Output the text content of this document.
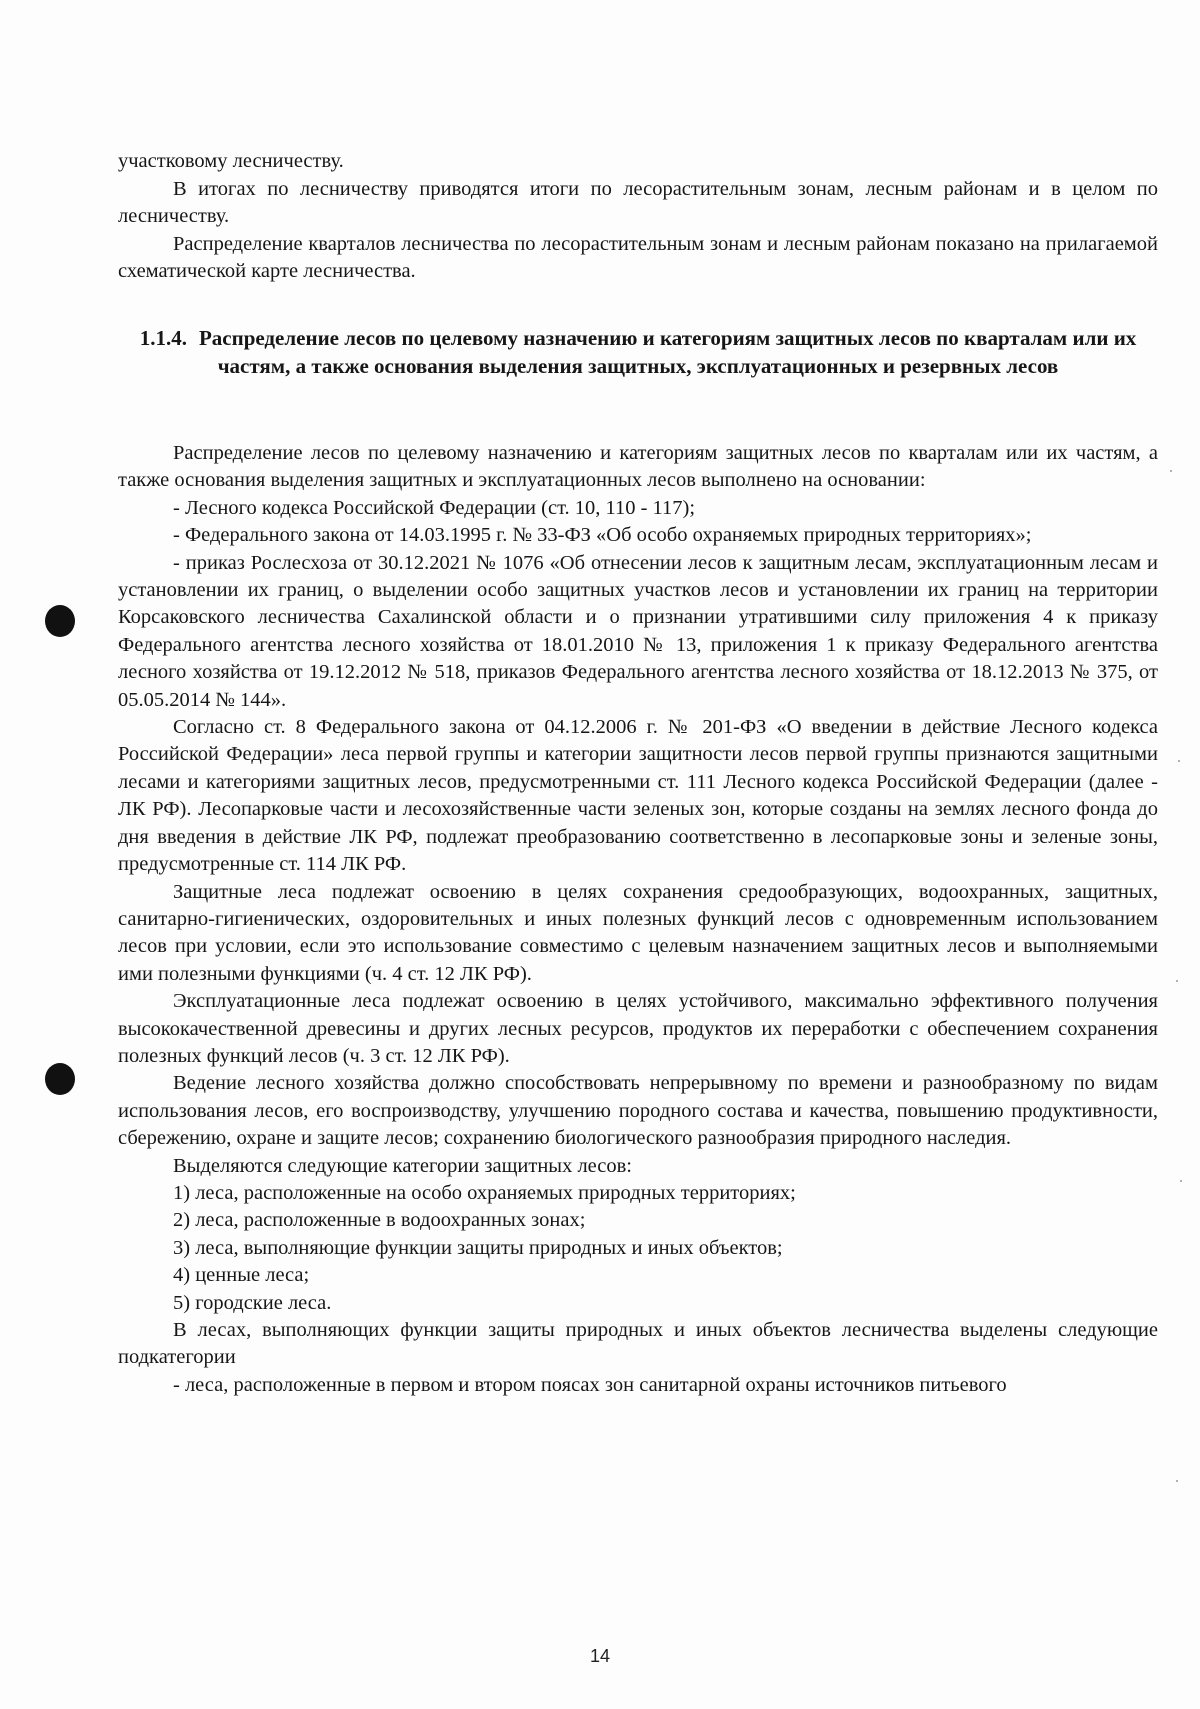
участковому лесничеству.

В итогах по лесничеству приводятся итоги по лесорастительным зонам, лесным районам и в целом по лесничеству.

Распределение кварталов лесничества по лесорастительным зонам и лесным районам показано на прилагаемой схематической карте лесничества.

1.1.4. Распределение лесов по целевому назначению и категориям защитных лесов по кварталам или их частям, а также основания выделения защитных, эксплуатационных и резервных лесов

Распределение лесов по целевому назначению и категориям защитных лесов по кварталам или их частям, а также основания выделения защитных и эксплуатационных лесов выполнено на основании:

- Лесного кодекса Российской Федерации (ст. 10, 110 - 117);

- Федерального закона от 14.03.1995 г. № 33-ФЗ «Об особо охраняемых природных территориях»;

- приказ Рослесхоза от 30.12.2021 № 1076 «Об отнесении лесов к защитным лесам, эксплуатационным лесам и установлении их границ, о выделении особо защитных участков лесов и установлении их границ на территории Корсаковского лесничества Сахалинской области и о признании утратившими силу приложения 4 к приказу Федерального агентства лесного хозяйства от 18.01.2010 № 13, приложения 1 к приказу Федерального агентства лесного хозяйства от 19.12.2012 № 518, приказов Федерального агентства лесного хозяйства от 18.12.2013 № 375, от 05.05.2014 № 144».

Согласно ст. 8 Федерального закона от 04.12.2006 г. № 201-ФЗ «О введении в действие Лесного кодекса Российской Федерации» леса первой группы и категории защитности лесов первой группы признаются защитными лесами и категориями защитных лесов, предусмотренными ст. 111 Лесного кодекса Российской Федерации (далее - ЛК РФ). Лесопарковые части и лесохозяйственные части зеленых зон, которые созданы на землях лесного фонда до дня введения в действие ЛК РФ, подлежат преобразованию соответственно в лесопарковые зоны и зеленые зоны, предусмотренные ст. 114 ЛК РФ.

Защитные леса подлежат освоению в целях сохранения средообразующих, водоохранных, защитных, санитарно-гигиенических, оздоровительных и иных полезных функций лесов с одновременным использованием лесов при условии, если это использование совместимо с целевым назначением защитных лесов и выполняемыми ими полезными функциями (ч. 4 ст. 12 ЛК РФ).

Эксплуатационные леса подлежат освоению в целях устойчивого, максимально эффективного получения высококачественной древесины и других лесных ресурсов, продуктов их переработки с обеспечением сохранения полезных функций лесов (ч. 3 ст. 12 ЛК РФ).

Ведение лесного хозяйства должно способствовать непрерывному по времени и разнообразному по видам использования лесов, его воспроизводству, улучшению породного состава и качества, повышению продуктивности, сбережению, охране и защите лесов; сохранению биологического разнообразия природного наследия.

Выделяются следующие категории защитных лесов:

1) леса, расположенные на особо охраняемых природных территориях;

2) леса, расположенные в водоохранных зонах;

3) леса, выполняющие функции защиты природных и иных объектов;

4) ценные леса;

5) городские леса.

В лесах, выполняющих функции защиты природных и иных объектов лесничества выделены следующие подкатегории

- леса, расположенные в первом и втором поясах зон санитарной охраны источников питьевого

14
